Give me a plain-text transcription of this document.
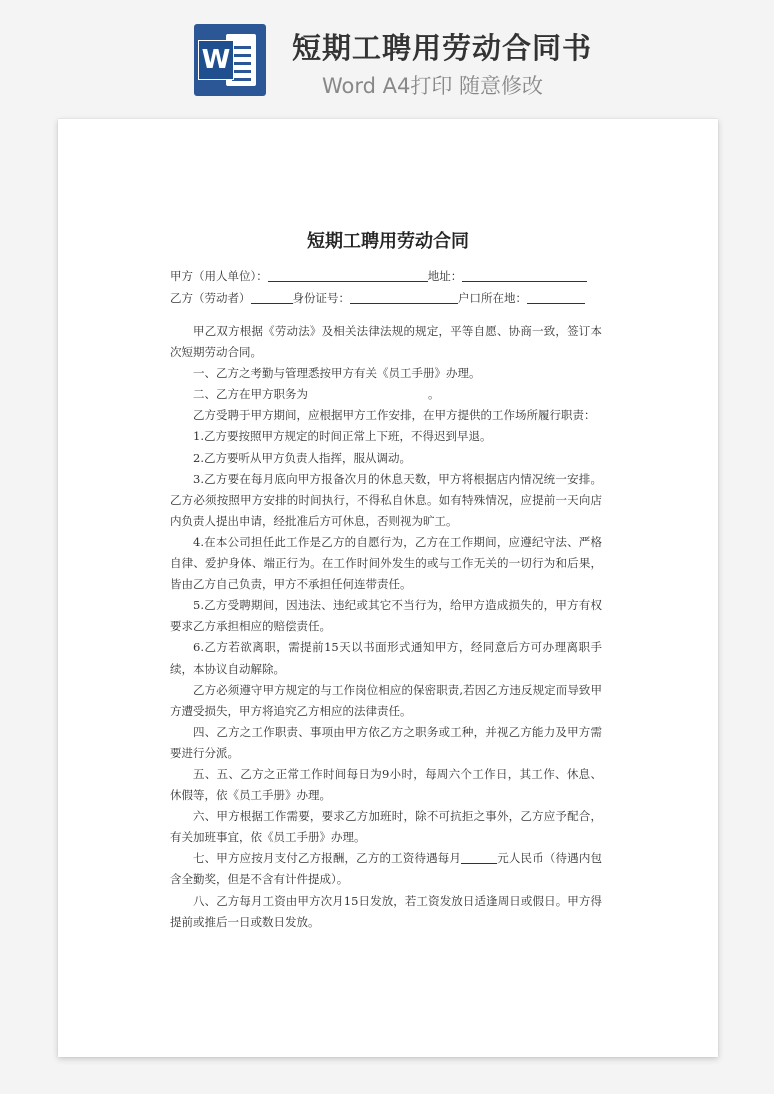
W 短期工聘用劳动合同书
Word A4打印 随意修改
短期工聘用劳动合同
甲方（用人单位）：	地址：
乙方（劳动者）	身份证号：	户口所在地：

甲乙双方根据《劳动法》及相关法律法规的规定，平等自愿、协商一致，签订本次短期劳动合同。

一、乙方之考勤与管理悉按甲方有关《员工手册》办理。

二、乙方在甲方职务为	。

乙方受聘于甲方期间，应根据甲方工作安排，在甲方提供的工作场所履行职责：

1.乙方要按照甲方规定的时间正常上下班，不得迟到早退。

2.乙方要听从甲方负责人指挥，服从调动。

3.乙方要在每月底向甲方报备次月的休息天数，甲方将根据店内情况统一安排。乙方必须按照甲方安排的时间执行，不得私自休息。如有特殊情况，应提前一天向店内负责人提出申请，经批准后方可休息，否则视为旷工。

4.在本公司担任此工作是乙方的自愿行为，乙方在工作期间，应遵纪守法、严格自律、爱护身体、端正行为。在工作时间外发生的或与工作无关的一切行为和后果，皆由乙方自己负责，甲方不承担任何连带责任。

5.乙方受聘期间，因违法、违纪或其它不当行为，给甲方造成损失的，甲方有权要求乙方承担相应的赔偿责任。

6.乙方若欲离职，需提前15天以书面形式通知甲方，经同意后方可办理离职手续，本协议自动解除。

乙方必须遵守甲方规定的与工作岗位相应的保密职责,若因乙方违反规定而导致甲方遭受损失，甲方将追究乙方相应的法律责任。

四、乙方之工作职责、事项由甲方依乙方之职务或工种，并视乙方能力及甲方需要进行分派。

五、五、乙方之正常工作时间每日为9小时，每周六个工作日，其工作、休息、休假等，依《员工手册》办理。

六、甲方根据工作需要，要求乙方加班时，除不可抗拒之事外，乙方应予配合，有关加班事宜，依《员工手册》办理。

七、甲方应按月支付乙方报酬，乙方的工资待遇每月	元人民币（待遇内包含全勤奖，但是不含有计件提成）。

八、乙方每月工资由甲方次月15日发放，若工资发放日适逢周日或假日。甲方得提前或推后一日或数日发放。
